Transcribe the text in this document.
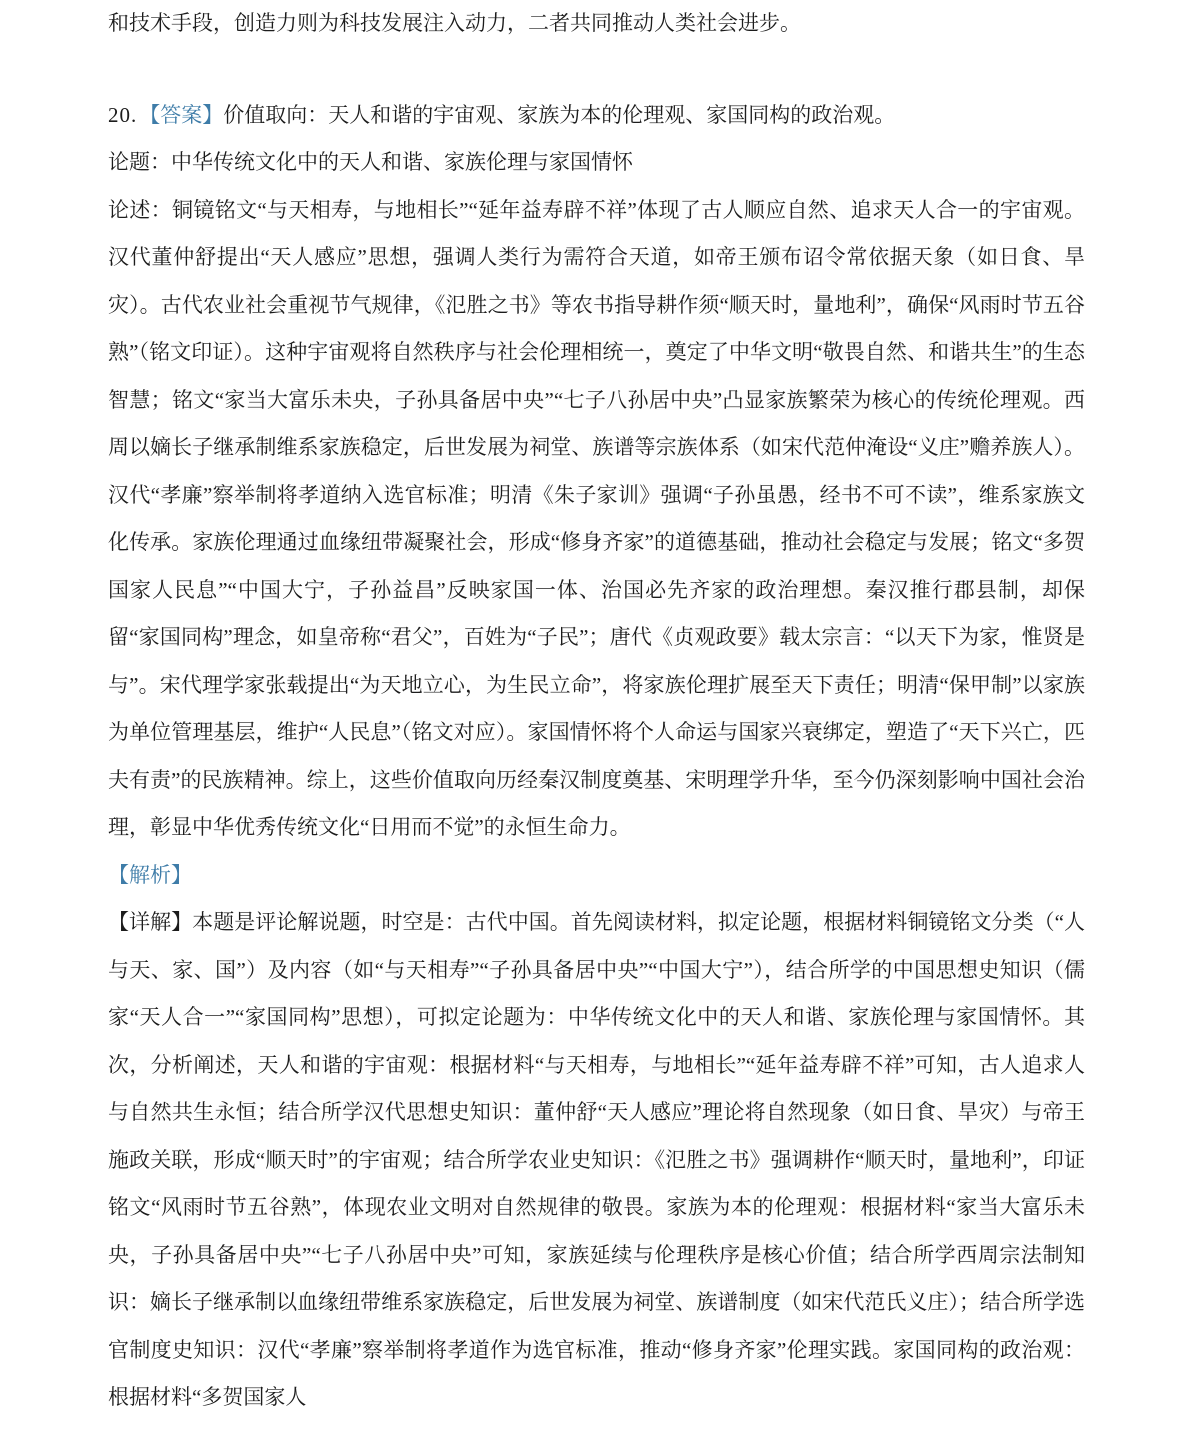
和技术手段，创造力则为科技发展注入动力，二者共同推动人类社会进步。

20.【答案】价值取向：天人和谐的宇宙观、家族为本的伦理观、家国同构的政治观。

论题：中华传统文化中的天人和谐、家族伦理与家国情怀

论述：铜镜铭文“与天相寿，与地相长”“延年益寿辟不祥”体现了古人顺应自然、追求天人合一的宇宙观。汉代董仲舒提出“天人感应”思想，强调人类行为需符合天道，如帝王颁布诏令常依据天象（如日食、旱灾）。古代农业社会重视节气规律，《氾胜之书》等农书指导耕作须“顺天时，量地利”，确保“风雨时节五谷熟”（铭文印证）。这种宇宙观将自然秩序与社会伦理相统一，奠定了中华文明“敬畏自然、和谐共生”的生态智慧；铭文“家当大富乐未央，子孙具备居中央”“七子八孙居中央”凸显家族繁荣为核心的传统伦理观。西周以嫡长子继承制维系家族稳定，后世发展为祠堂、族谱等宗族体系（如宋代范仲淹设“义庄”赡养族人）。汉代“孝廉”察举制将孝道纳入选官标准；明清《朱子家训》强调“子孙虽愚，经书不可不读”，维系家族文化传承。家族伦理通过血缘纽带凝聚社会，形成“修身齐家”的道德基础，推动社会稳定与发展；铭文“多贺国家人民息”“中国大宁，子孙益昌”反映家国一体、治国必先齐家的政治理想。秦汉推行郡县制，却保留“家国同构”理念，如皇帝称“君父”，百姓为“子民”；唐代《贞观政要》载太宗言：“以天下为家，惟贤是与”。宋代理学家张载提出“为天地立心，为生民立命”，将家族伦理扩展至天下责任；明清“保甲制”以家族为单位管理基层，维护“人民息”（铭文对应）。家国情怀将个人命运与国家兴衰绑定，塑造了“天下兴亡，匹夫有责”的民族精神。综上，这些价值取向历经秦汉制度奠基、宋明理学升华，至今仍深刻影响中国社会治理，彰显中华优秀传统文化“日用而不觉”的永恒生命力。

【解析】

【详解】本题是评论解说题，时空是：古代中国。首先阅读材料，拟定论题，根据材料铜镜铭文分类（“人与天、家、国”）及内容（如“与天相寿”“子孙具备居中央”“中国大宁”），结合所学的中国思想史知识（儒家“天人合一”“家国同构”思想），可拟定论题为：中华传统文化中的天人和谐、家族伦理与家国情怀。其次，分析阐述，天人和谐的宇宙观：根据材料“与天相寿，与地相长”“延年益寿辟不祥”可知，古人追求人与自然共生永恒；结合所学汉代思想史知识：董仲舒“天人感应”理论将自然现象（如日食、旱灾）与帝王施政关联，形成“顺天时”的宇宙观；结合所学农业史知识：《氾胜之书》强调耕作“顺天时，量地利”，印证铭文“风雨时节五谷熟”，体现农业文明对自然规律的敬畏。家族为本的伦理观：根据材料“家当大富乐未央，子孙具备居中央”“七子八孙居中央”可知，家族延续与伦理秩序是核心价值；结合所学西周宗法制知识：嫡长子继承制以血缘纽带维系家族稳定，后世发展为祠堂、族谱制度（如宋代范氏义庄）；结合所学选官制度史知识：汉代“孝廉”察举制将孝道作为选官标准，推动“修身齐家”伦理实践。家国同构的政治观：根据材料“多贺国家人
